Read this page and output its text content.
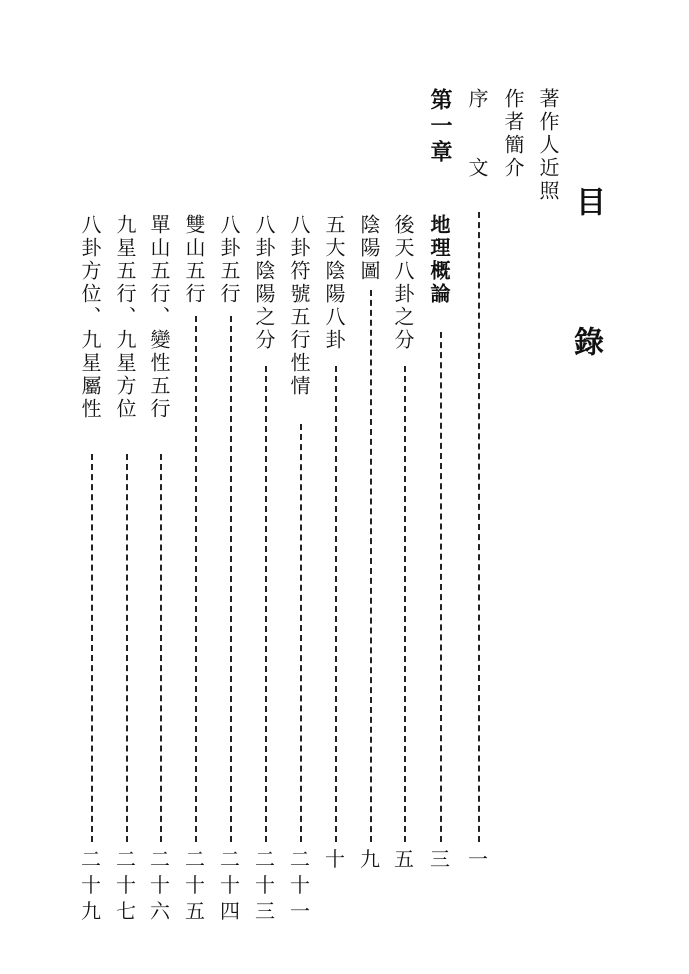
目
錄
著作人近照
作者簡介
序　　文
一
第一章
地理概論
三
後天八卦之分
五
陰陽圖
九
五大陰陽八卦
十
八卦符號五行性情
二
十
一
八卦陰陽之分
二
十
三
八卦五行
二
十
四
雙山五行
二
十
五
單山五行、變性五行
二
十
六
九星五行、九星方位
二
十
七
八卦方位、九星屬性
二
十
九
